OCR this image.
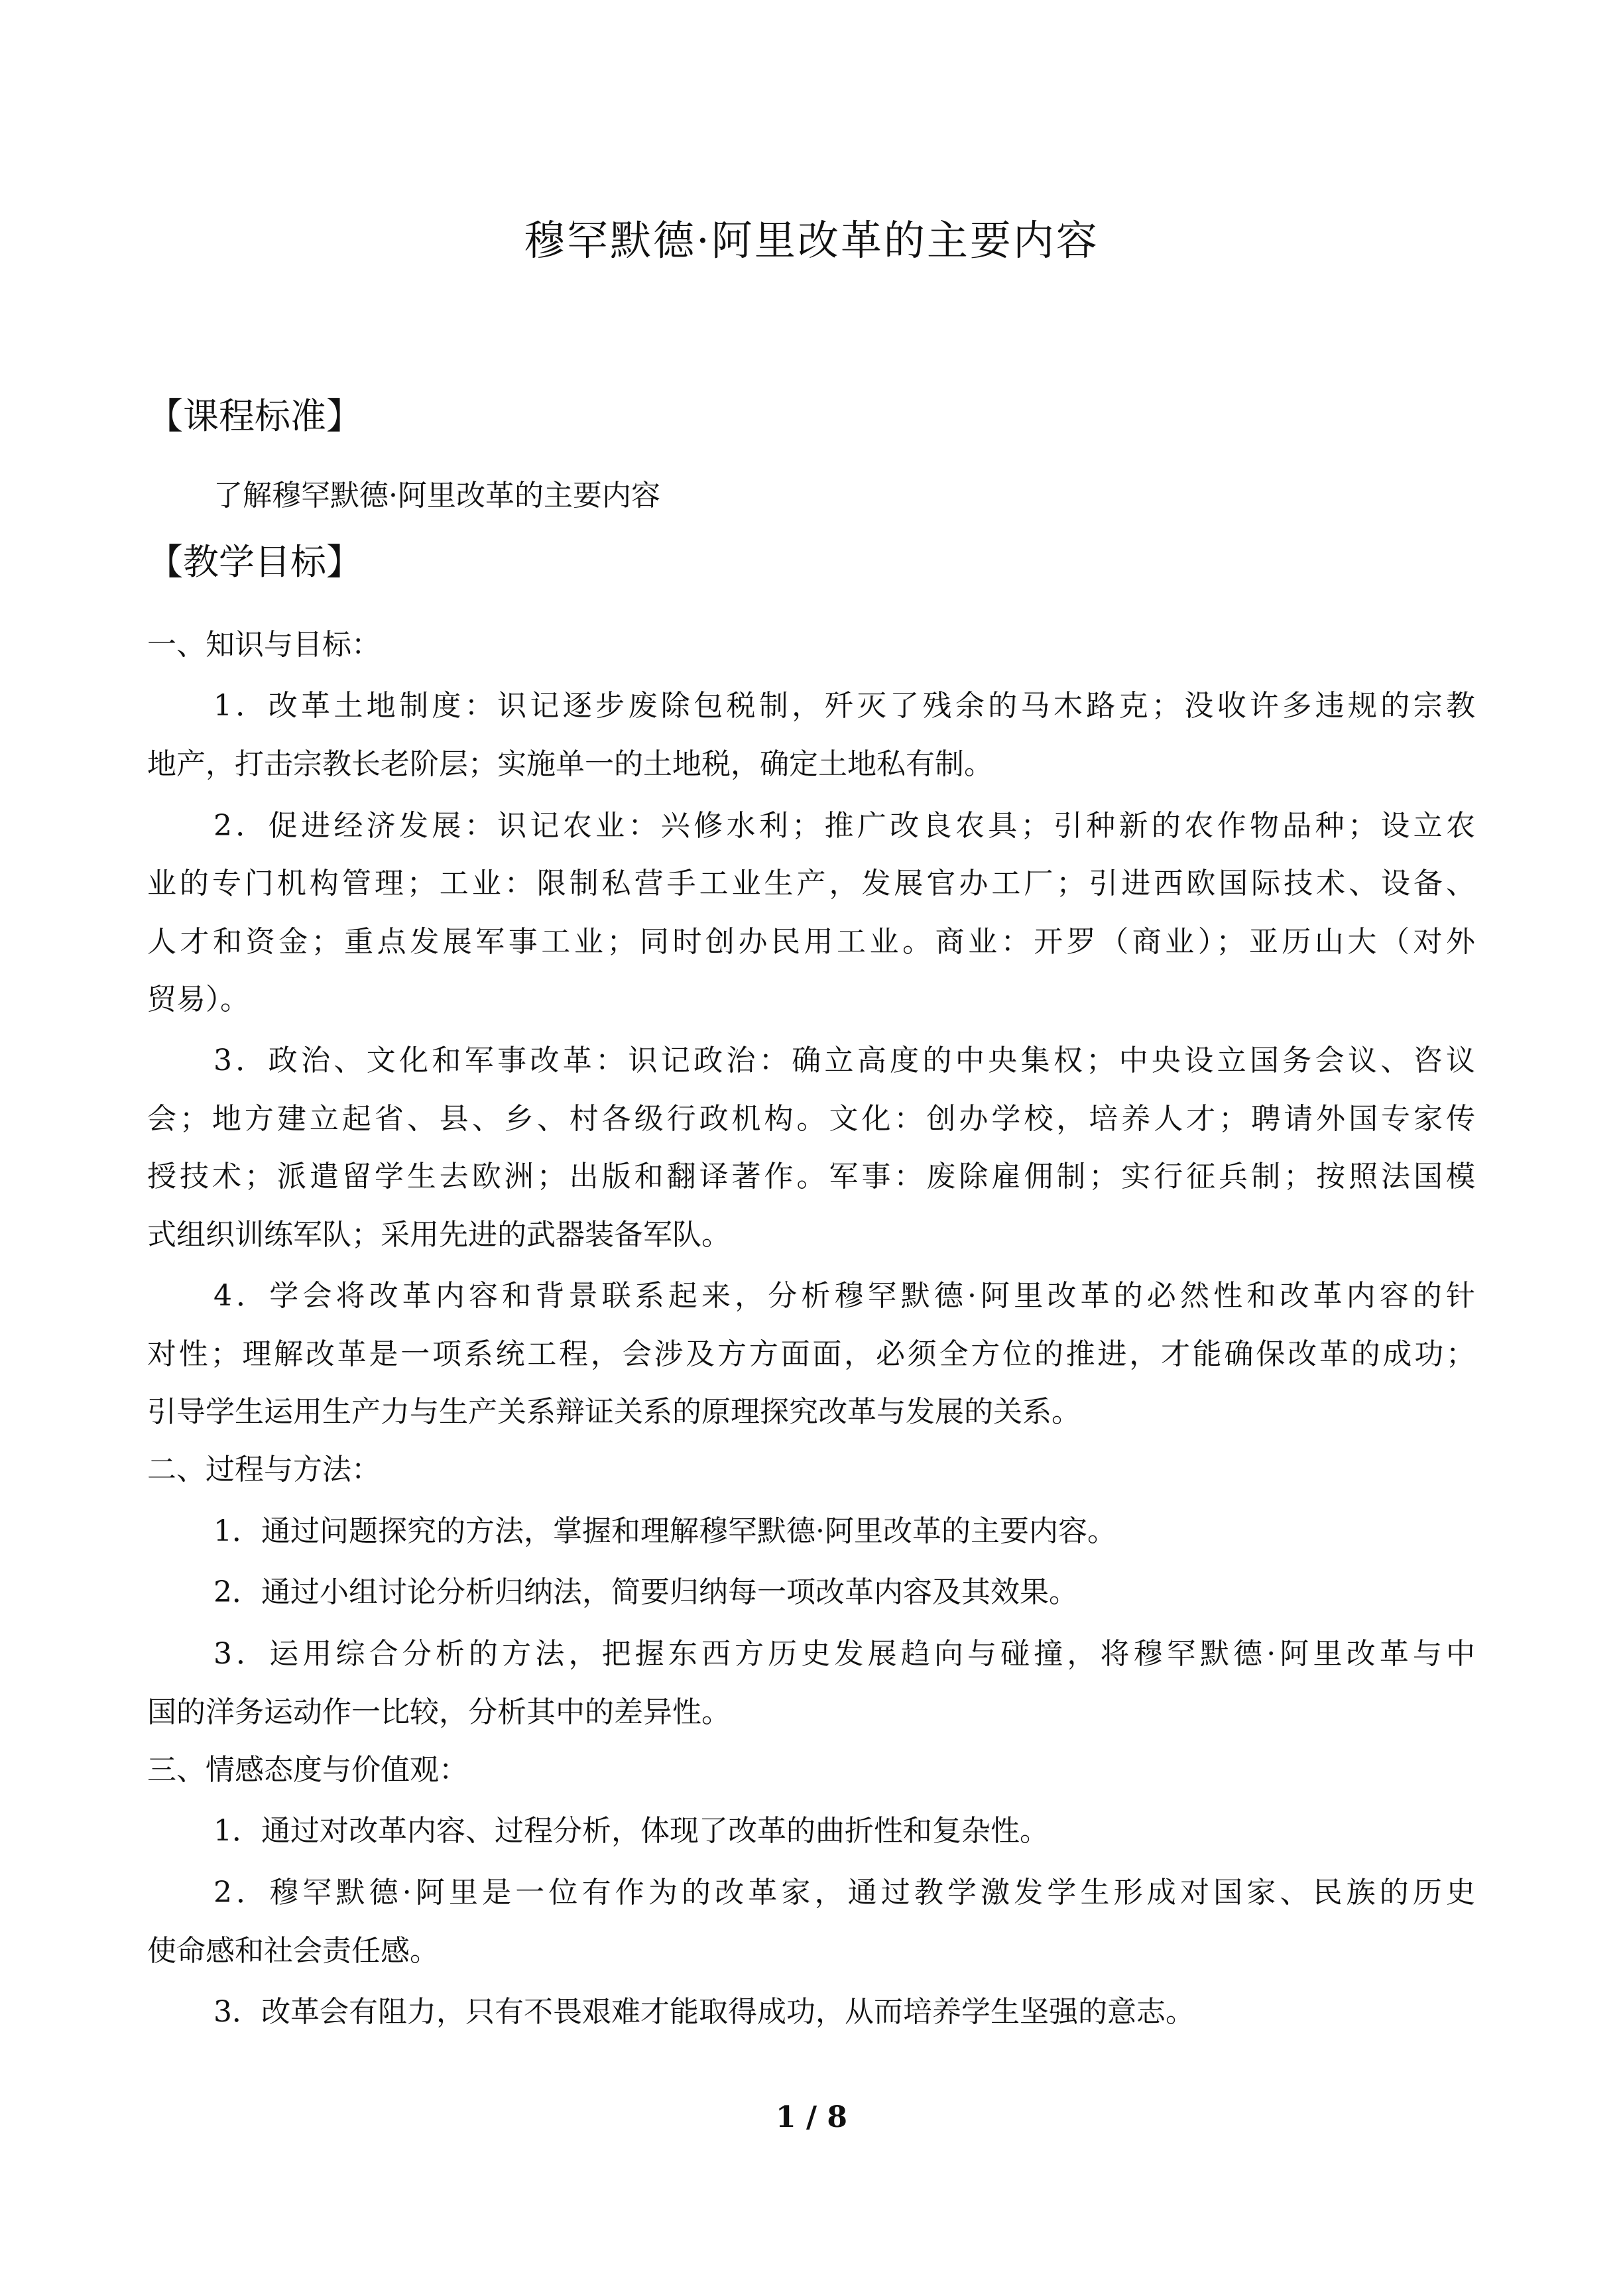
穆罕默德·阿里改革的主要内容
【课程标准】

了解穆罕默德·阿里改革的主要内容

【教学目标】

一、知识与目标：

1．改革土地制度：识记逐步废除包税制，歼灭了残余的马木路克；没收许多违规的宗教

地产，打击宗教长老阶层；实施单一的土地税，确定土地私有制。

2．促进经济发展：识记农业：兴修水利；推广改良农具；引种新的农作物品种；设立农

业的专门机构管理；工业：限制私营手工业生产，发展官办工厂；引进西欧国际技术、设备、

人才和资金；重点发展军事工业；同时创办民用工业。商业：开罗（商业）；亚历山大（对外

贸易）。

3．政治、文化和军事改革：识记政治：确立高度的中央集权；中央设立国务会议、咨议

会；地方建立起省、县、乡、村各级行政机构。文化：创办学校，培养人才；聘请外国专家传

授技术；派遣留学生去欧洲；出版和翻译著作。军事：废除雇佣制；实行征兵制；按照法国模

式组织训练军队；采用先进的武器装备军队。

4．学会将改革内容和背景联系起来，分析穆罕默德·阿里改革的必然性和改革内容的针

对性；理解改革是一项系统工程，会涉及方方面面，必须全方位的推进，才能确保改革的成功；

引导学生运用生产力与生产关系辩证关系的原理探究改革与发展的关系。

二、过程与方法：

1．通过问题探究的方法，掌握和理解穆罕默德·阿里改革的主要内容。

2．通过小组讨论分析归纳法，简要归纳每一项改革内容及其效果。

3．运用综合分析的方法，把握东西方历史发展趋向与碰撞，将穆罕默德·阿里改革与中

国的洋务运动作一比较，分析其中的差异性。

三、情感态度与价值观：

1．通过对改革内容、过程分析，体现了改革的曲折性和复杂性。

2．穆罕默德·阿里是一位有作为的改革家，通过教学激发学生形成对国家、民族的历史

使命感和社会责任感。

3．改革会有阻力，只有不畏艰难才能取得成功，从而培养学生坚强的意志。

1 / 8
